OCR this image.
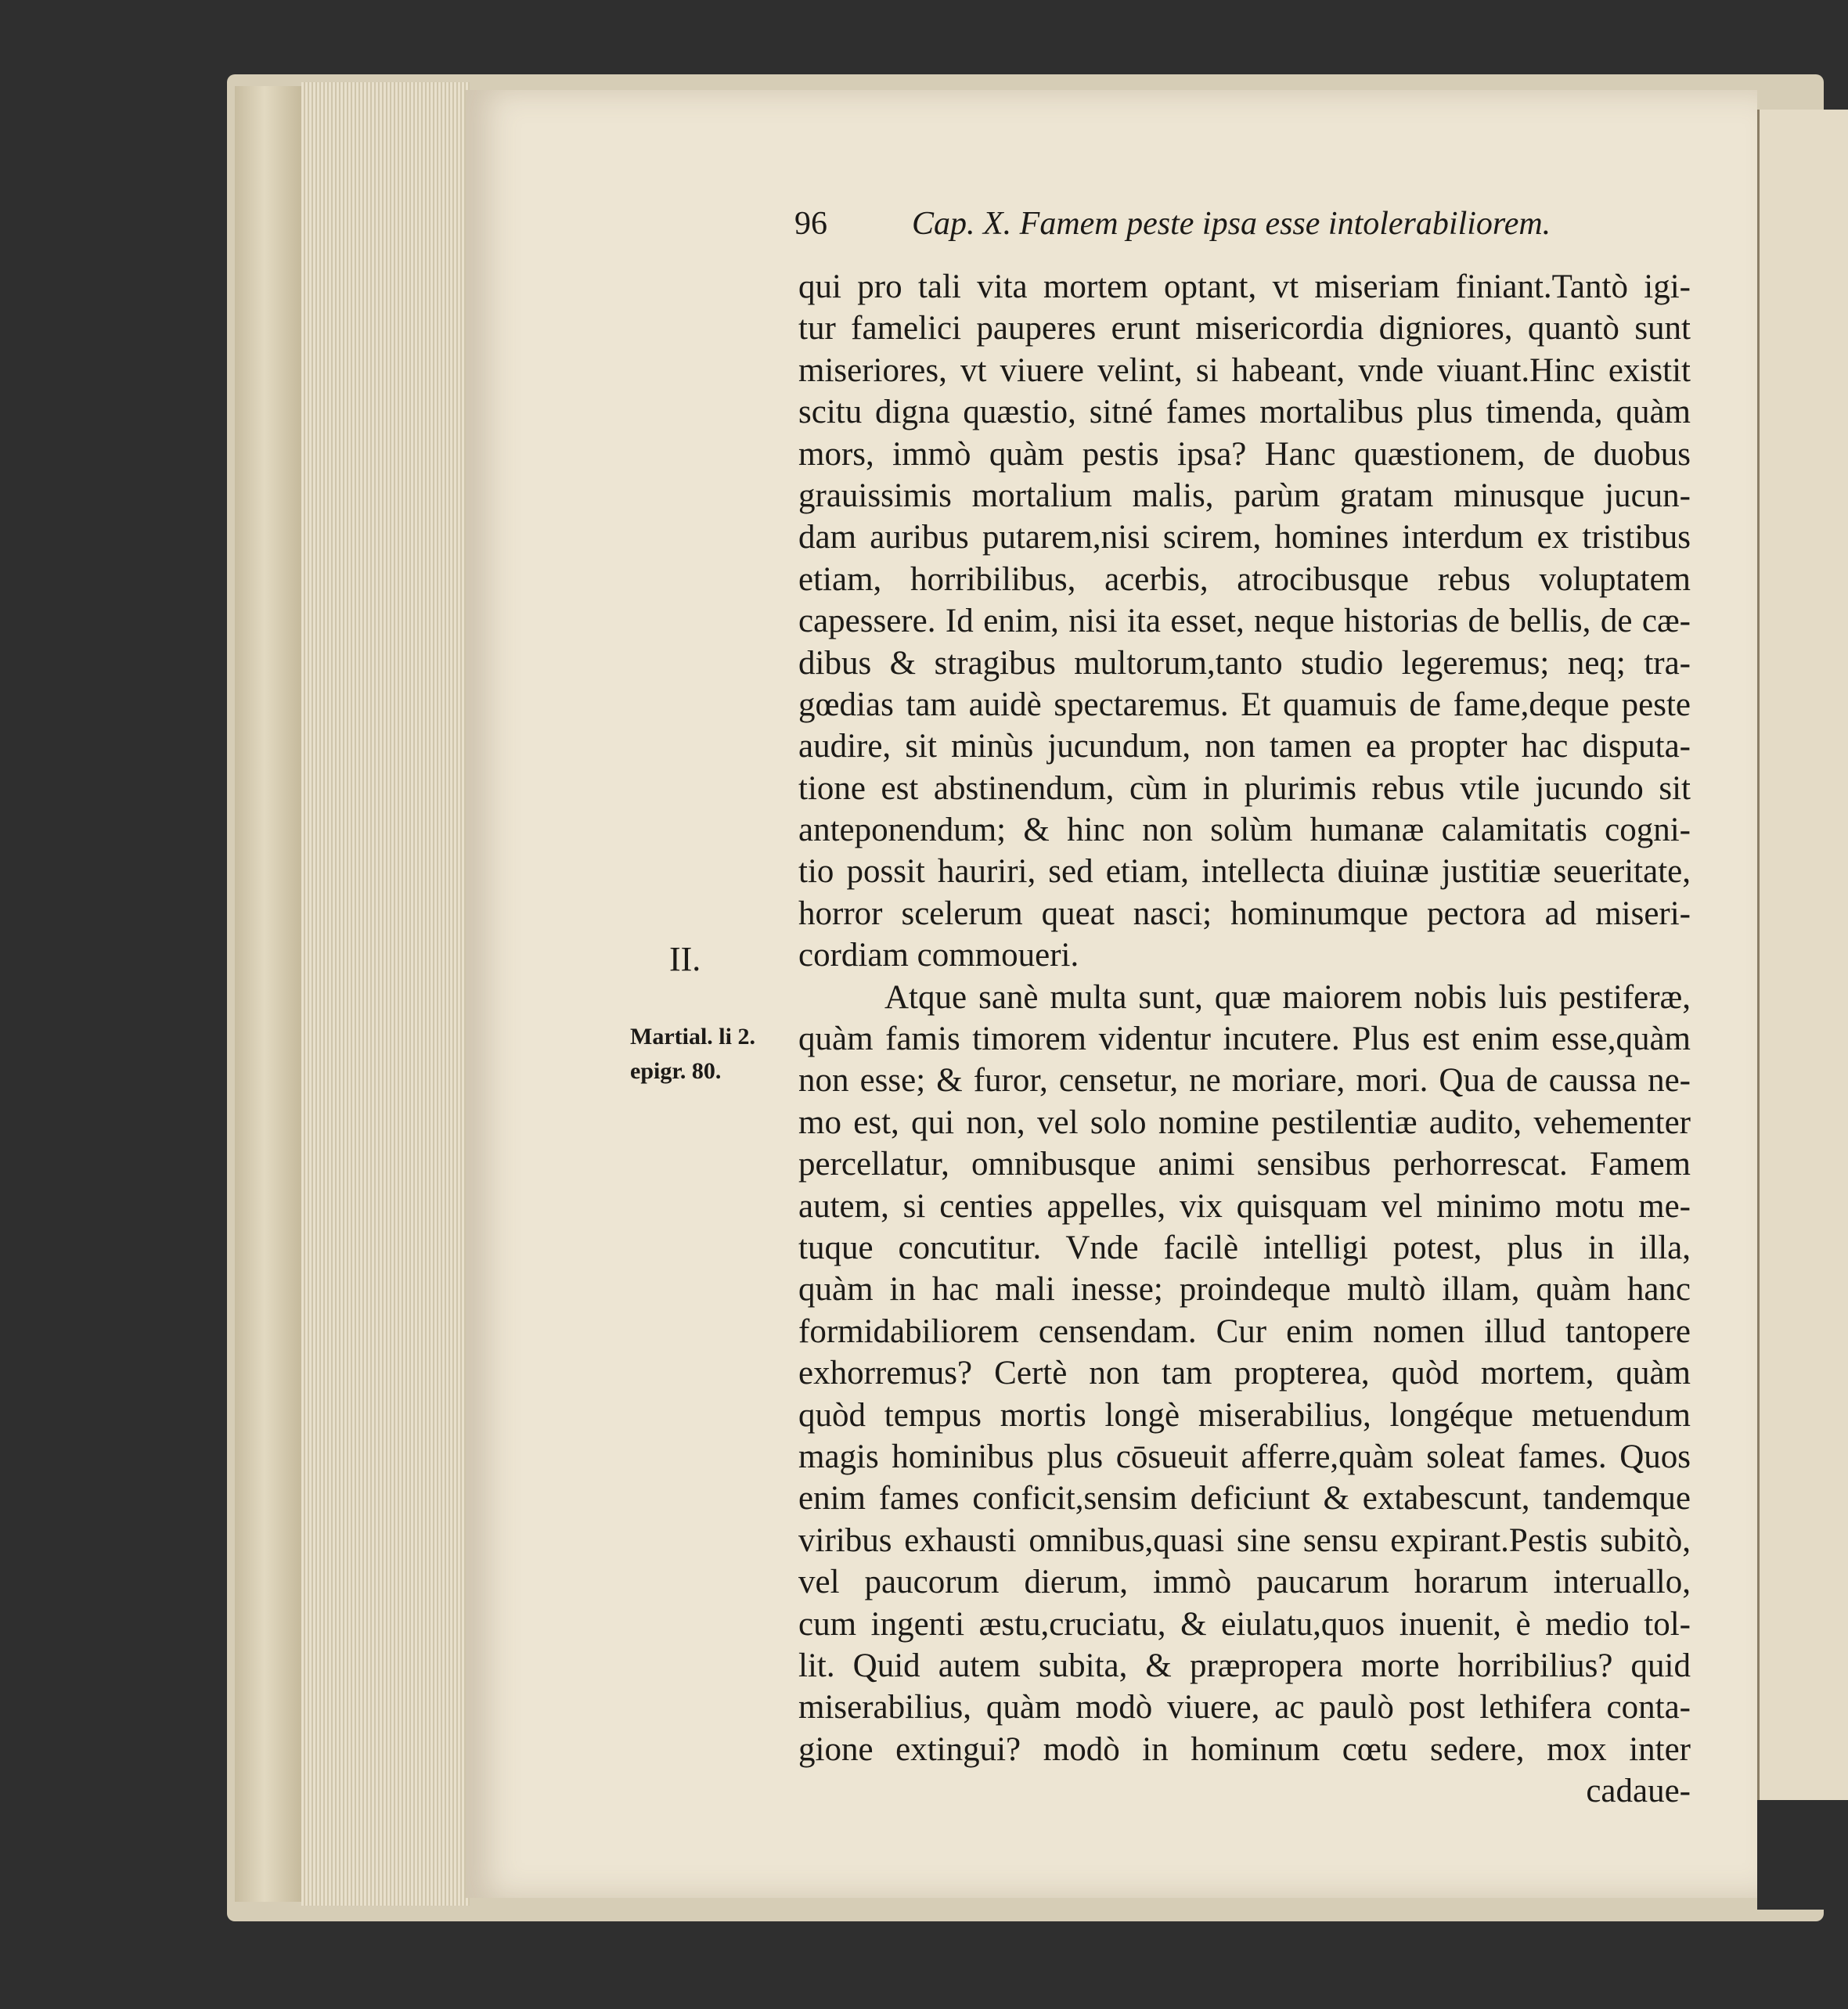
96	Cap. X. Famem peste ipsa esse intolerabiliorem.
II.
Martial. li 2.
epigr. 80.
qui pro tali vita mortem optant, vt miseriam finiant.Tantò igi-
tur famelici pauperes erunt misericordia digniores, quantò sunt
miseriores, vt viuere velint, si habeant, vnde viuant.Hinc existit
scitu digna quæstio, sitné fames mortalibus plus timenda, quàm
mors, immò quàm pestis ipsa? Hanc quæstionem, de duobus
grauissimis mortalium malis, parùm gratam minusque jucun-
dam auribus putarem,nisi scirem, homines interdum ex tristibus
etiam, horribilibus, acerbis, atrocibusque rebus voluptatem
capessere. Id enim, nisi ita esset, neque historias de bellis, de cæ-
dibus & stragibus multorum,tanto studio legeremus; neq; tra-
gœdias tam auidè spectaremus. Et quamuis de fame,deque peste
audire, sit minùs jucundum, non tamen ea propter hac disputa-
tione est abstinendum, cùm in plurimis rebus vtile jucundo sit
anteponendum; & hinc non solùm humanæ calamitatis cogni-
tio possit hauriri, sed etiam, intellecta diuinæ justitiæ seueritate,
horror scelerum queat nasci; hominumque pectora ad miseri-
cordiam commoueri.
Atque sanè multa sunt, quæ maiorem nobis luis pestiferæ,
quàm famis timorem videntur incutere. Plus est enim esse,quàm
non esse; & furor, censetur, ne moriare, mori. Qua de caussa ne-
mo est, qui non, vel solo nomine pestilentiæ audito, vehementer
percellatur, omnibusque animi sensibus perhorrescat. Famem
autem, si centies appelles, vix quisquam vel minimo motu me-
tuque concutitur. Vnde facilè intelligi potest, plus in illa,
quàm in hac mali inesse; proindeque multò illam, quàm hanc
formidabiliorem censendam. Cur enim nomen illud tantopere
exhorremus? Certè non tam propterea, quòd mortem, quàm
quòd tempus mortis longè miserabilius, longéque metuendum
magis hominibus plus cōsueuit afferre,quàm soleat fames. Quos
enim fames conficit,sensim deficiunt & extabescunt, tandemque
viribus exhausti omnibus,quasi sine sensu expirant.Pestis subitò,
vel paucorum dierum, immò paucarum horarum interuallo,
cum ingenti æstu,cruciatu, & eiulatu,quos inuenit, è medio tol-
lit. Quid autem subita, & præpropera morte horribilius? quid
miserabilius, quàm modò viuere, ac paulò post lethifera conta-
gione extingui? modò in hominum cœtu sedere, mox inter
cadaue-
